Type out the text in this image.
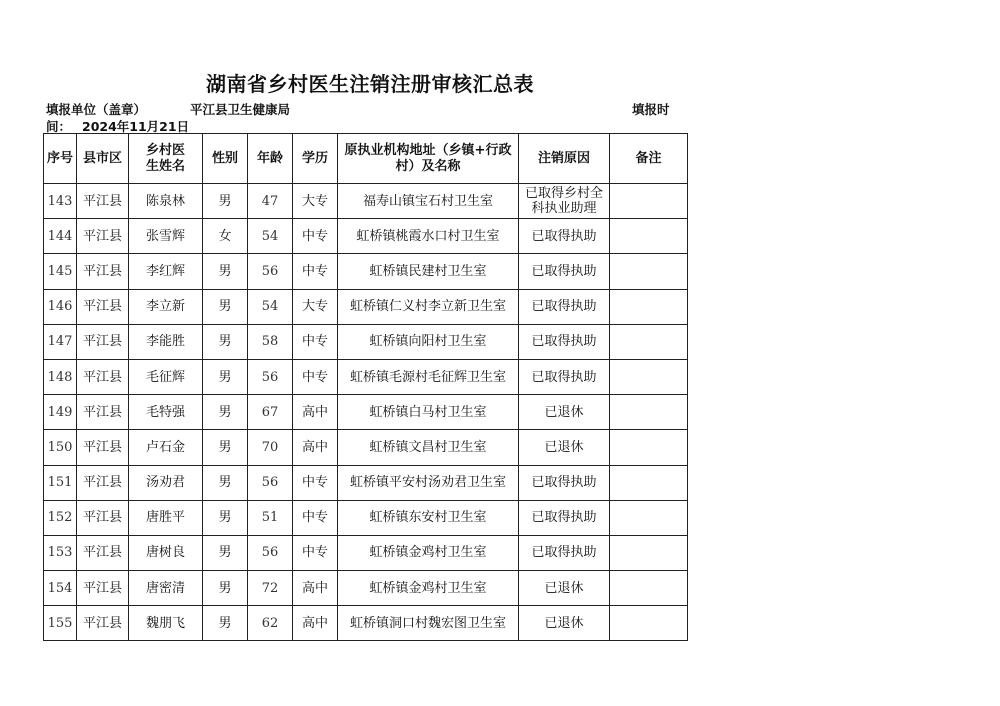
湖南省乡村医生注销注册审核汇总表
填报单位（盖章）	平江县卫生健康局	填报时
间： 2024年11月21日
序号	县市区	乡村医生姓名	性别	年龄	学历	原执业机构地址（乡镇+行政村）及名称	注销原因	备注
143	平江县	陈泉林	男	47	大专	福寿山镇宝石村卫生室	已取得乡村全科执业助理	
144	平江县	张雪辉	女	54	中专	虹桥镇桃霞水口村卫生室	已取得执助	
145	平江县	李红辉	男	56	中专	虹桥镇民建村卫生室	已取得执助	
146	平江县	李立新	男	54	大专	虹桥镇仁义村李立新卫生室	已取得执助	
147	平江县	李能胜	男	58	中专	虹桥镇向阳村卫生室	已取得执助	
148	平江县	毛征辉	男	56	中专	虹桥镇毛源村毛征辉卫生室	已取得执助	
149	平江县	毛特强	男	67	高中	虹桥镇白马村卫生室	已退休	
150	平江县	卢石金	男	70	高中	虹桥镇文昌村卫生室	已退休	
151	平江县	汤劝君	男	56	中专	虹桥镇平安村汤劝君卫生室	已取得执助	
152	平江县	唐胜平	男	51	中专	虹桥镇东安村卫生室	已取得执助	
153	平江县	唐树良	男	56	中专	虹桥镇金鸡村卫生室	已取得执助	
154	平江县	唐密清	男	72	高中	虹桥镇金鸡村卫生室	已退休	
155	平江县	魏朋飞	男	62	高中	虹桥镇洞口村魏宏图卫生室	已退休	
